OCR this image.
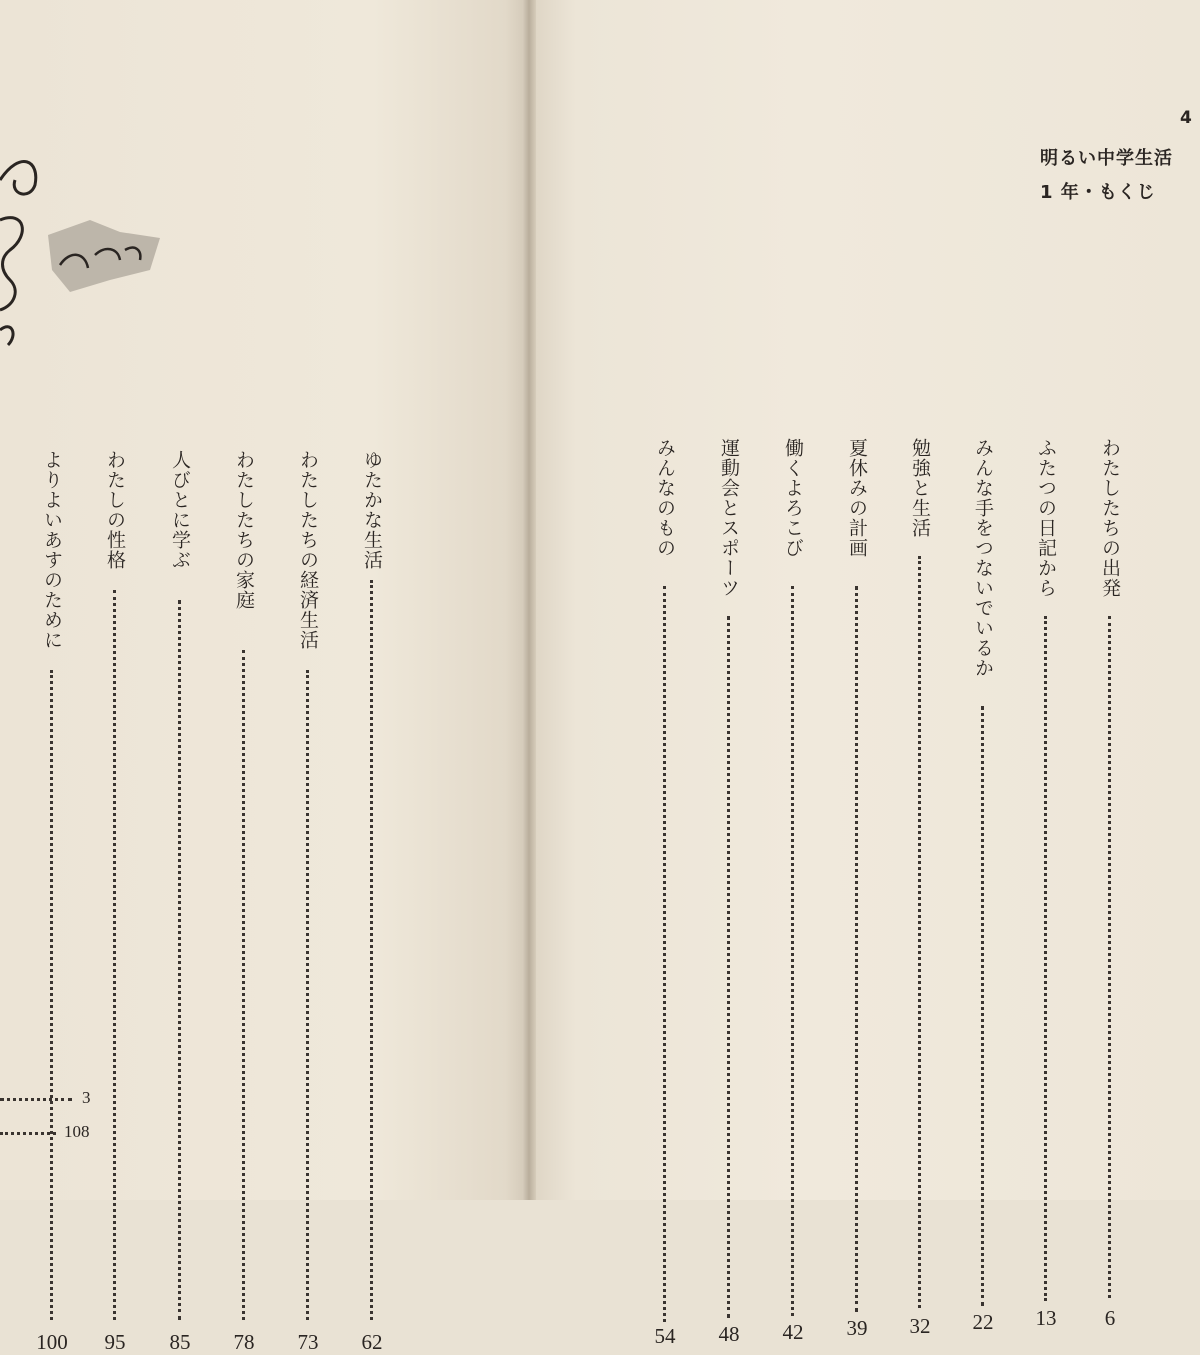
ゆたかな生活
62
わたしたちの経済生活
73
わたしたちの家庭
78
人びとに学ぶ
85
わたしの性格
95
よりよいあすのために
100
3
108
4
明るい中学生活
1 年・もくじ
わたしたちの出発
6
ふたつの日記から
13
みんな手をつないでいるか
22
勉強と生活
32
夏休みの計画
39
働くよろこび
42
運動会とスポーツ
48
みんなのもの
54
